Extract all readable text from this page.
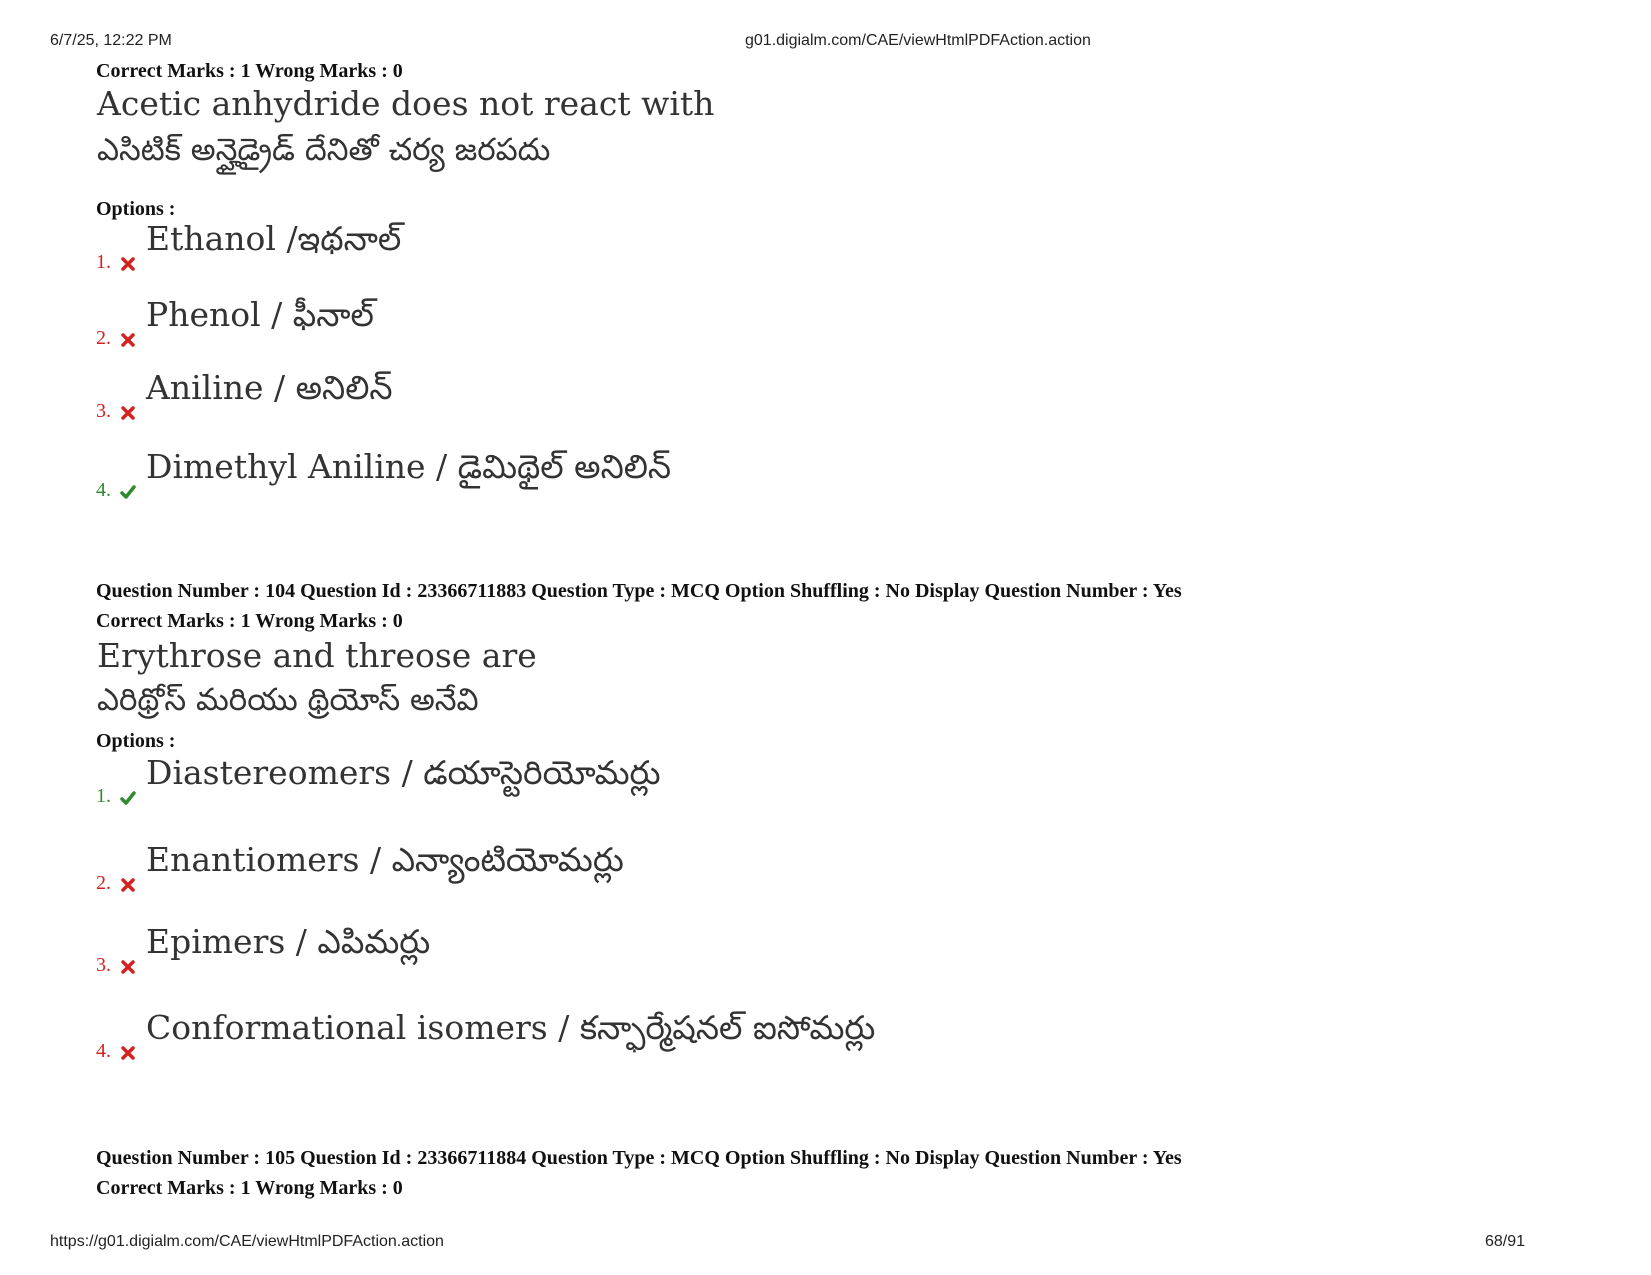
6/7/25, 12:22 PM	g01.digialm.com/CAE/viewHtmlPDFAction.action
Correct Marks : 1 Wrong Marks : 0
Acetic anhydride does not react with
ఎసిటిక్ అన్హైడ్రైడ్ దేనితో చర్య జరపదు
Options :
1.
Ethanol /ఇథనాల్
2.
Phenol / ఫీనాల్
3.
Aniline / అనిలిన్
4.
Dimethyl Aniline / డైమిథైల్ అనిలిన్
Question Number : 104 Question Id : 23366711883 Question Type : MCQ Option Shuffling : No Display Question Number : Yes
Correct Marks : 1 Wrong Marks : 0
Erythrose and threose are
ఎరిథ్రోస్ మరియు థ్రియోస్ అనేవి
Options :
1.
Diastereomers / డయాస్టెరియోమర్లు
2.
Enantiomers / ఎన్యాంటియోమర్లు
3.
Epimers / ఎపిమర్లు
4.
Conformational isomers / కన్ఫార్మేషనల్ ఐసోమర్లు
Question Number : 105 Question Id : 23366711884 Question Type : MCQ Option Shuffling : No Display Question Number : Yes
Correct Marks : 1 Wrong Marks : 0
https://g01.digialm.com/CAE/viewHtmlPDFAction.action	68/91
